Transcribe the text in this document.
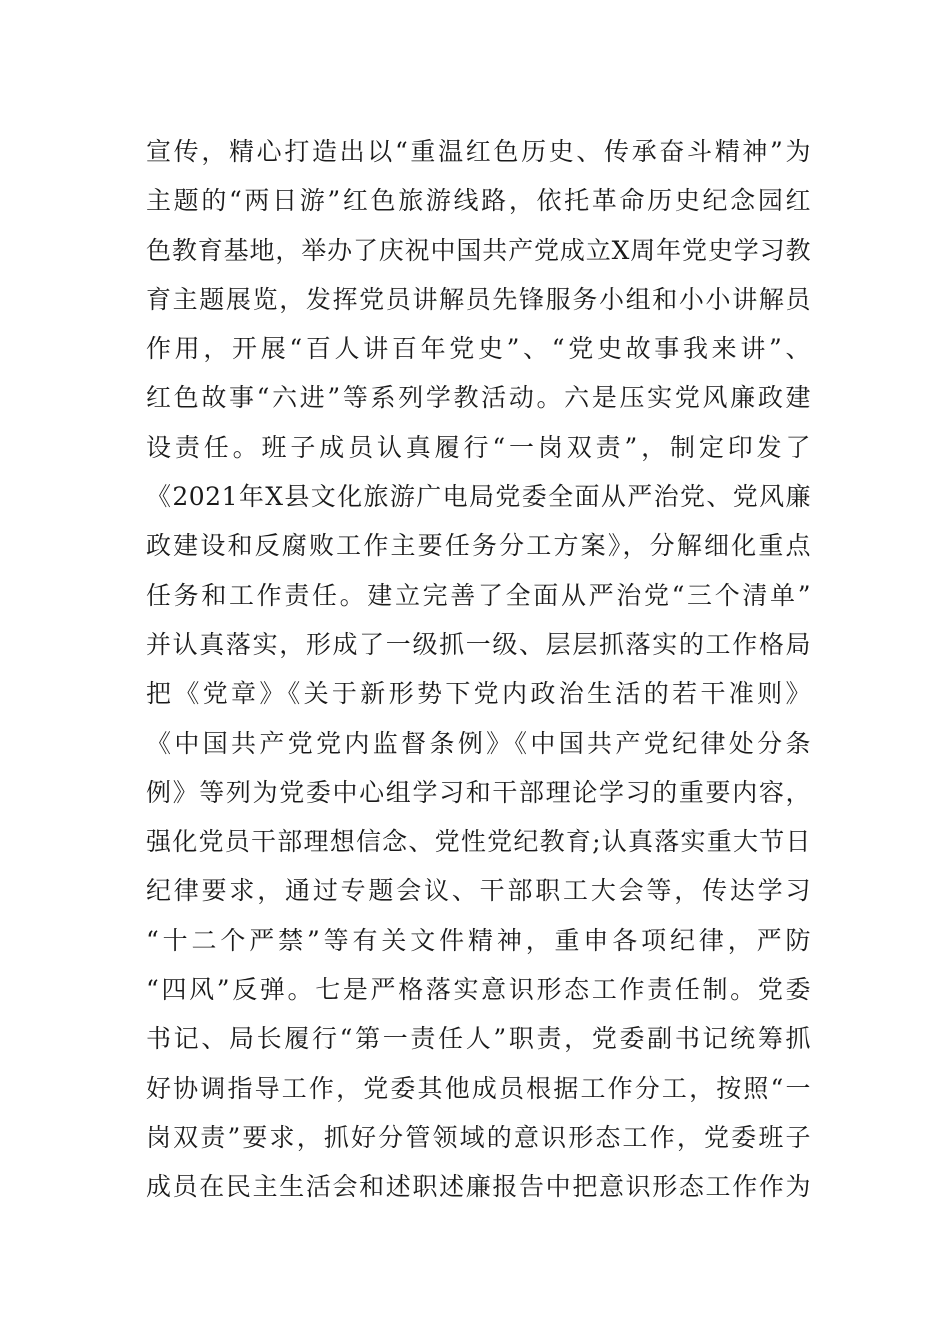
宣传，精心打造出以“重温红色历史、传承奋斗精神”为
主题的“两日游”红色旅游线路，依托革命历史纪念园红
色教育基地，举办了庆祝中国共产党成立X周年党史学习教
育主题展览，发挥党员讲解员先锋服务小组和小小讲解员
作用，开展“百人讲百年党史”、“党史故事我来讲”、
红色故事“六进”等系列学教活动。六是压实党风廉政建
设责任。班子成员认真履行“一岗双责”，制定印发了
《2021年X县文化旅游广电局党委全面从严治党、党风廉
政建设和反腐败工作主要任务分工方案》，分解细化重点
任务和工作责任。建立完善了全面从严治党“三个清单”
并认真落实，形成了一级抓一级、层层抓落实的工作格局
把《党章》《关于新形势下党内政治生活的若干准则》
《中国共产党党内监督条例》《中国共产党纪律处分条
例》等列为党委中心组学习和干部理论学习的重要内容，
强化党员干部理想信念、党性党纪教育;认真落实重大节日
纪律要求，通过专题会议、干部职工大会等，传达学习
“十二个严禁”等有关文件精神，重申各项纪律，严防
“四风”反弹。七是严格落实意识形态工作责任制。党委
书记、局长履行“第一责任人”职责，党委副书记统筹抓
好协调指导工作，党委其他成员根据工作分工，按照“一
岗双责”要求，抓好分管领域的意识形态工作，党委班子
成员在民主生活会和述职述廉报告中把意识形态工作作为
